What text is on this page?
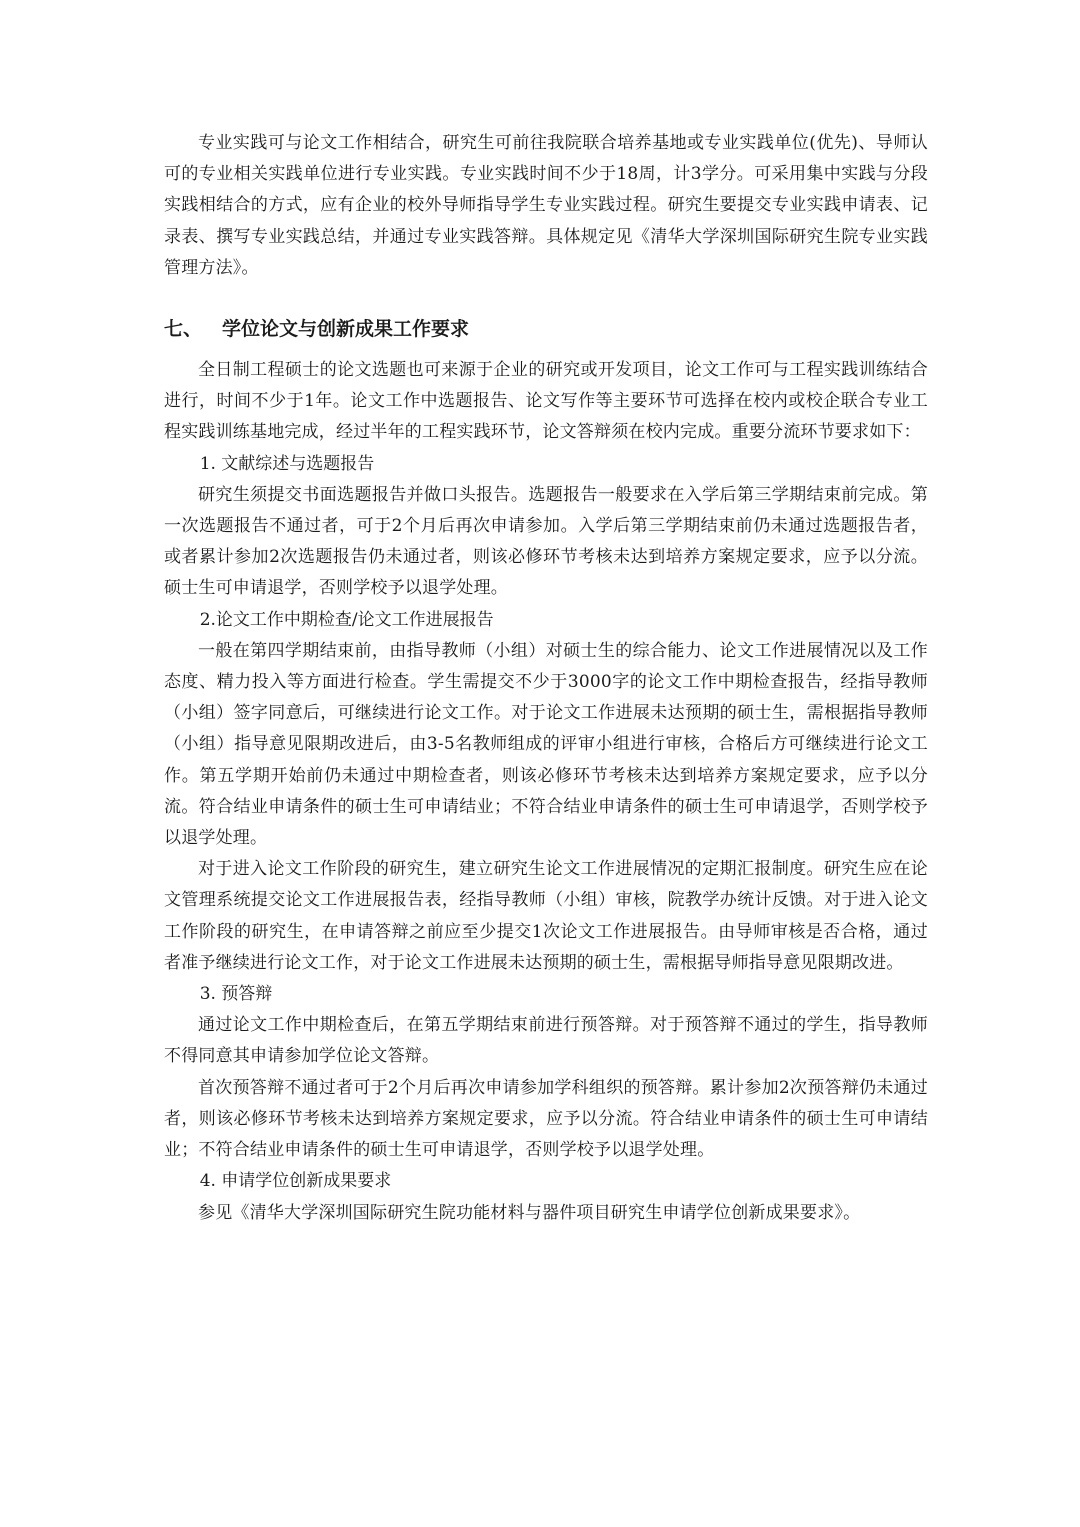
专业实践可与论文工作相结合，研究生可前往我院联合培养基地或专业实践单位(优先)、导师认可的专业相关实践单位进行专业实践。专业实践时间不少于18周，计3学分。可采用集中实践与分段实践相结合的方式，应有企业的校外导师指导学生专业实践过程。研究生要提交专业实践申请表、记录表、撰写专业实践总结，并通过专业实践答辩。具体规定见《清华大学深圳国际研究生院专业实践管理方法》。

七、	学位论文与创新成果工作要求

全日制工程硕士的论文选题也可来源于企业的研究或开发项目，论文工作可与工程实践训练结合进行，时间不少于1年。论文工作中选题报告、论文写作等主要环节可选择在校内或校企联合专业工程实践训练基地完成，经过半年的工程实践环节，论文答辩须在校内完成。重要分流环节要求如下：

1. 文献综述与选题报告

研究生须提交书面选题报告并做口头报告。选题报告一般要求在入学后第三学期结束前完成。第一次选题报告不通过者，可于2个月后再次申请参加。入学后第三学期结束前仍未通过选题报告者，或者累计参加2次选题报告仍未通过者，则该必修环节考核未达到培养方案规定要求，应予以分流。硕士生可申请退学，否则学校予以退学处理。

2.论文工作中期检查/论文工作进展报告

一般在第四学期结束前，由指导教师（小组）对硕士生的综合能力、论文工作进展情况以及工作态度、精力投入等方面进行检查。学生需提交不少于3000字的论文工作中期检查报告，经指导教师（小组）签字同意后，可继续进行论文工作。对于论文工作进展未达预期的硕士生，需根据指导教师（小组）指导意见限期改进后，由3-5名教师组成的评审小组进行审核，合格后方可继续进行论文工作。第五学期开始前仍未通过中期检查者，则该必修环节考核未达到培养方案规定要求，应予以分流。符合结业申请条件的硕士生可申请结业；不符合结业申请条件的硕士生可申请退学，否则学校予以退学处理。

对于进入论文工作阶段的研究生，建立研究生论文工作进展情况的定期汇报制度。研究生应在论文管理系统提交论文工作进展报告表，经指导教师（小组）审核，院教学办统计反馈。对于进入论文工作阶段的研究生，在申请答辩之前应至少提交1次论文工作进展报告。由导师审核是否合格，通过者准予继续进行论文工作，对于论文工作进展未达预期的硕士生，需根据导师指导意见限期改进。

3. 预答辩

通过论文工作中期检查后，在第五学期结束前进行预答辩。对于预答辩不通过的学生，指导教师不得同意其申请参加学位论文答辩。

首次预答辩不通过者可于2个月后再次申请参加学科组织的预答辩。累计参加2次预答辩仍未通过者，则该必修环节考核未达到培养方案规定要求，应予以分流。符合结业申请条件的硕士生可申请结业；不符合结业申请条件的硕士生可申请退学，否则学校予以退学处理。

4. 申请学位创新成果要求

参见《清华大学深圳国际研究生院功能材料与器件项目研究生申请学位创新成果要求》。
